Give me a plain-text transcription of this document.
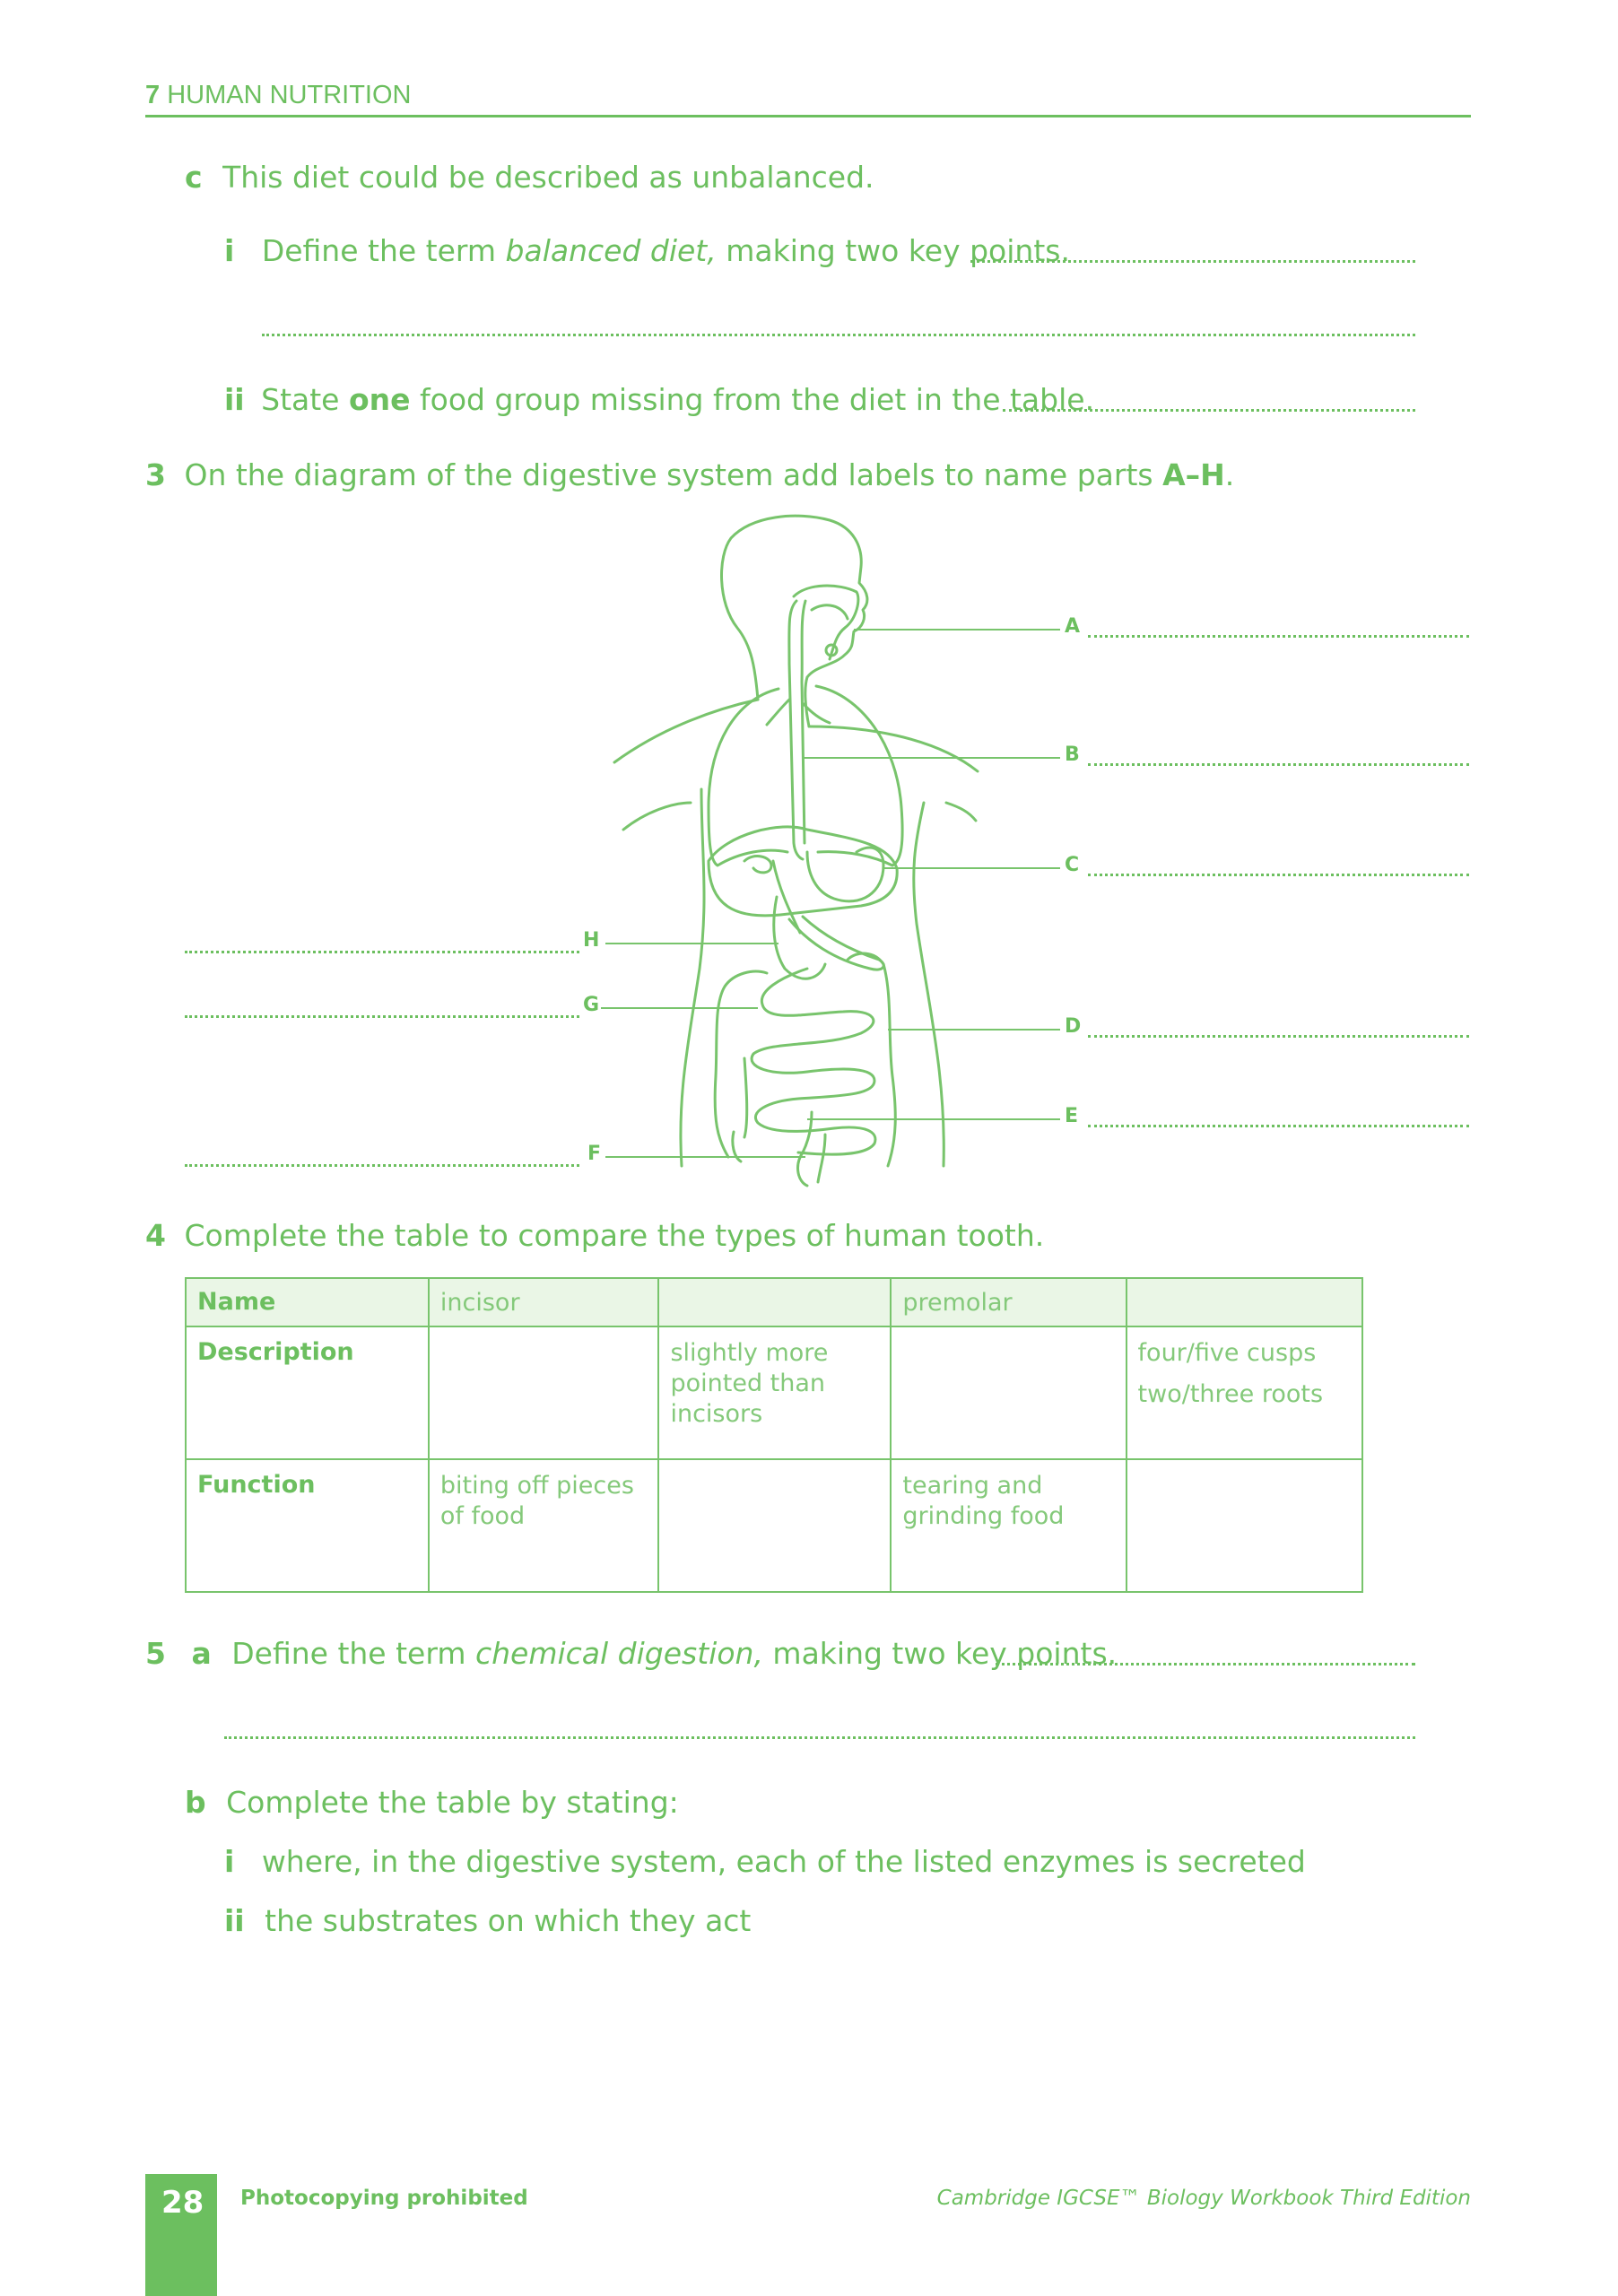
7 HUMAN NUTRITION
c This diet could be described as unbalanced.
i Define the term balanced diet, making two key points.
ii State one food group missing from the diet in the table.
3 On the diagram of the digestive system add labels to name parts A–H.
A
B
C
D
E
H
G
F
4 Complete the table to compare the types of human tooth.
Name	incisor		premolar	

Description		slightly more
pointed than
incisors		four/five cusps
two/three roots

Function	biting off pieces
of food		tearing and
grinding food	

5 a Define the term chemical digestion, making two key points.
b Complete the table by stating:
i where, in the digestive system, each of the listed enzymes is secreted
ii the substrates on which they act
28 Photocopying prohibited	Cambridge IGCSE™ Biology Workbook Third Edition
